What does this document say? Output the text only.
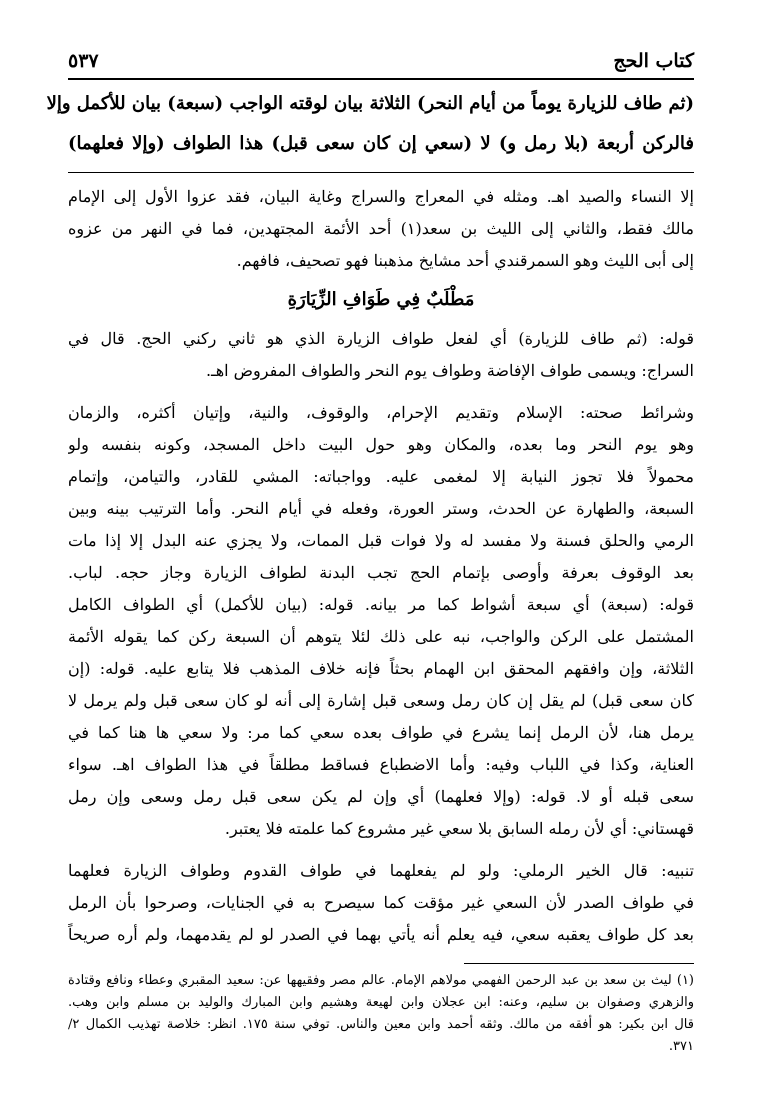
كتاب الحج
٥٣٧
(ثم طاف للزيارة يوماً من أيام النحر) الثلاثة بيان لوقته الواجب (سبعة) بيان للأكمل وإلا
فالركن أربعة (بلا رمل و) لا (سعي إن كان سعى قبل) هذا الطواف (وإلا فعلهما)
إلا النساء والصيد اهـ. ومثله في المعراج والسراج وغاية البيان، فقد عزوا الأول إلى الإمام
مالك فقط، والثاني إلى الليث بن سعد(١) أحد الأئمة المجتهدين، فما في النهر من عزوه
إلى أبى الليث وهو السمرقندي أحد مشايخ مذهبنا فهو تصحيف، فافهم.
مَطْلَبٌ فِي طَوَافِ الزِّيَارَةِ
قوله: (ثم طاف للزيارة) أي لفعل طواف الزيارة الذي هو ثاني ركني الحج. قال في
السراج: ويسمى طواف الإفاضة وطواف يوم النحر والطواف المفروض اهـ.
وشرائط صحته: الإسلام وتقديم الإحرام، والوقوف، والنية، وإتيان أكثره، والزمان
وهو يوم النحر وما بعده، والمكان وهو حول البيت داخل المسجد، وكونه بنفسه ولو
محمولاً فلا تجوز النيابة إلا لمغمى عليه. وواجباته: المشي للقادر، والتيامن، وإتمام
السبعة، والطهارة عن الحدث، وستر العورة، وفعله في أيام النحر. وأما الترتيب بينه وبين
الرمي والحلق فسنة ولا مفسد له ولا فوات قبل الممات، ولا يجزي عنه البدل إلا إذا مات
بعد الوقوف بعرفة وأوصى بإتمام الحج تجب البدنة لطواف الزيارة وجاز حجه. لباب.
قوله: (سبعة) أي سبعة أشواط كما مر بيانه. قوله: (بيان للأكمل) أي الطواف الكامل
المشتمل على الركن والواجب، نبه على ذلك لئلا يتوهم أن السبعة ركن كما يقوله الأئمة
الثلاثة، وإن وافقهم المحقق ابن الهمام بحثاً فإنه خلاف المذهب فلا يتابع عليه. قوله: (إن
كان سعى قبل) لم يقل إن كان رمل وسعى قبل إشارة إلى أنه لو كان سعى قبل ولم يرمل لا
يرمل هنا، لأن الرمل إنما يشرع في طواف بعده سعي كما مر: ولا سعي ها هنا كما في
العناية، وكذا في اللباب وفيه: وأما الاضطباع فساقط مطلقاً في هذا الطواف اهـ. سواء
سعى قبله أو لا. قوله: (وإلا فعلهما) أي وإن لم يكن سعى قبل رمل وسعى وإن رمل
قهستاني: أي لأن رمله السابق بلا سعي غير مشروع كما علمته فلا يعتبر.
تنبيه: قال الخير الرملي: ولو لم يفعلهما في طواف القدوم وطواف الزيارة فعلهما
في طواف الصدر لأن السعي غير مؤقت كما سيصرح به في الجنايات، وصرحوا بأن الرمل
بعد كل طواف يعقبه سعي، فيه يعلم أنه يأتي بهما في الصدر لو لم يقدمهما، ولم أره صريحاً
(١) ليث بن سعد بن عبد الرحمن الفهمي مولاهم الإمام. عالم مصر وفقيهها عن: سعيد المقبري وعطاء ونافع وقتادة
والزهري وصفوان بن سليم، وعنه: ابن عجلان وابن لهيعة وهشيم وابن المبارك والوليد بن مسلم وابن وهب.
قال ابن بكير: هو أفقه من مالك. وثقه أحمد وابن معين والناس. توفي سنة ١٧٥. انظر: خلاصة تهذيب الكمال ٢/
٣٧١.
